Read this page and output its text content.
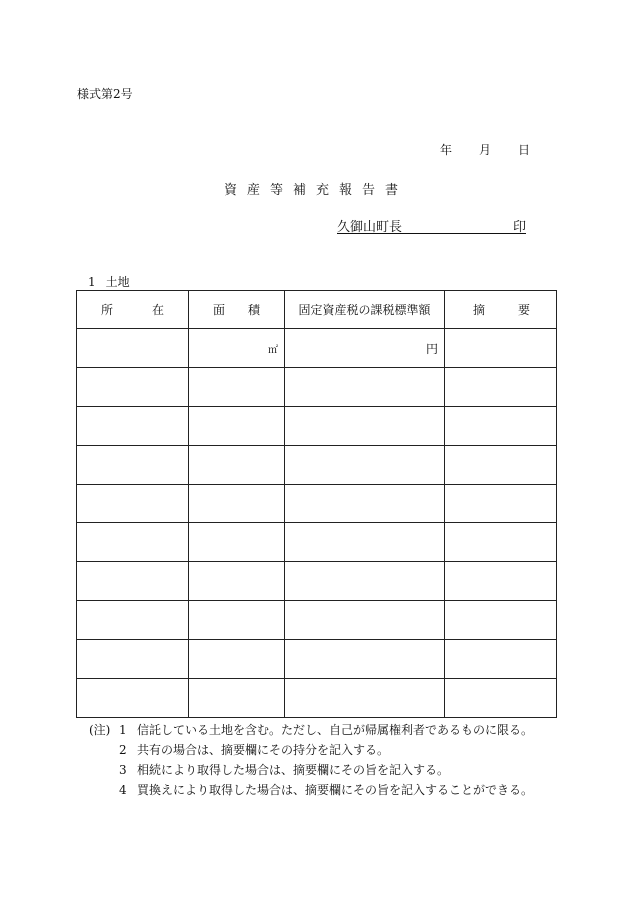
様式第2号
年 月 日
資産等補充報告書
久御山町長	印
1 土地
所 在	面 積	固定資産税の課税標準額	摘 要

	㎡	円	

(注) 1 信託している土地を含む。ただし、自己が帰属権利者であるものに限る。
2 共有の場合は、摘要欄にその持分を記入する。
3 相続により取得した場合は、摘要欄にその旨を記入する。
4 買換えにより取得した場合は、摘要欄にその旨を記入することができる。
